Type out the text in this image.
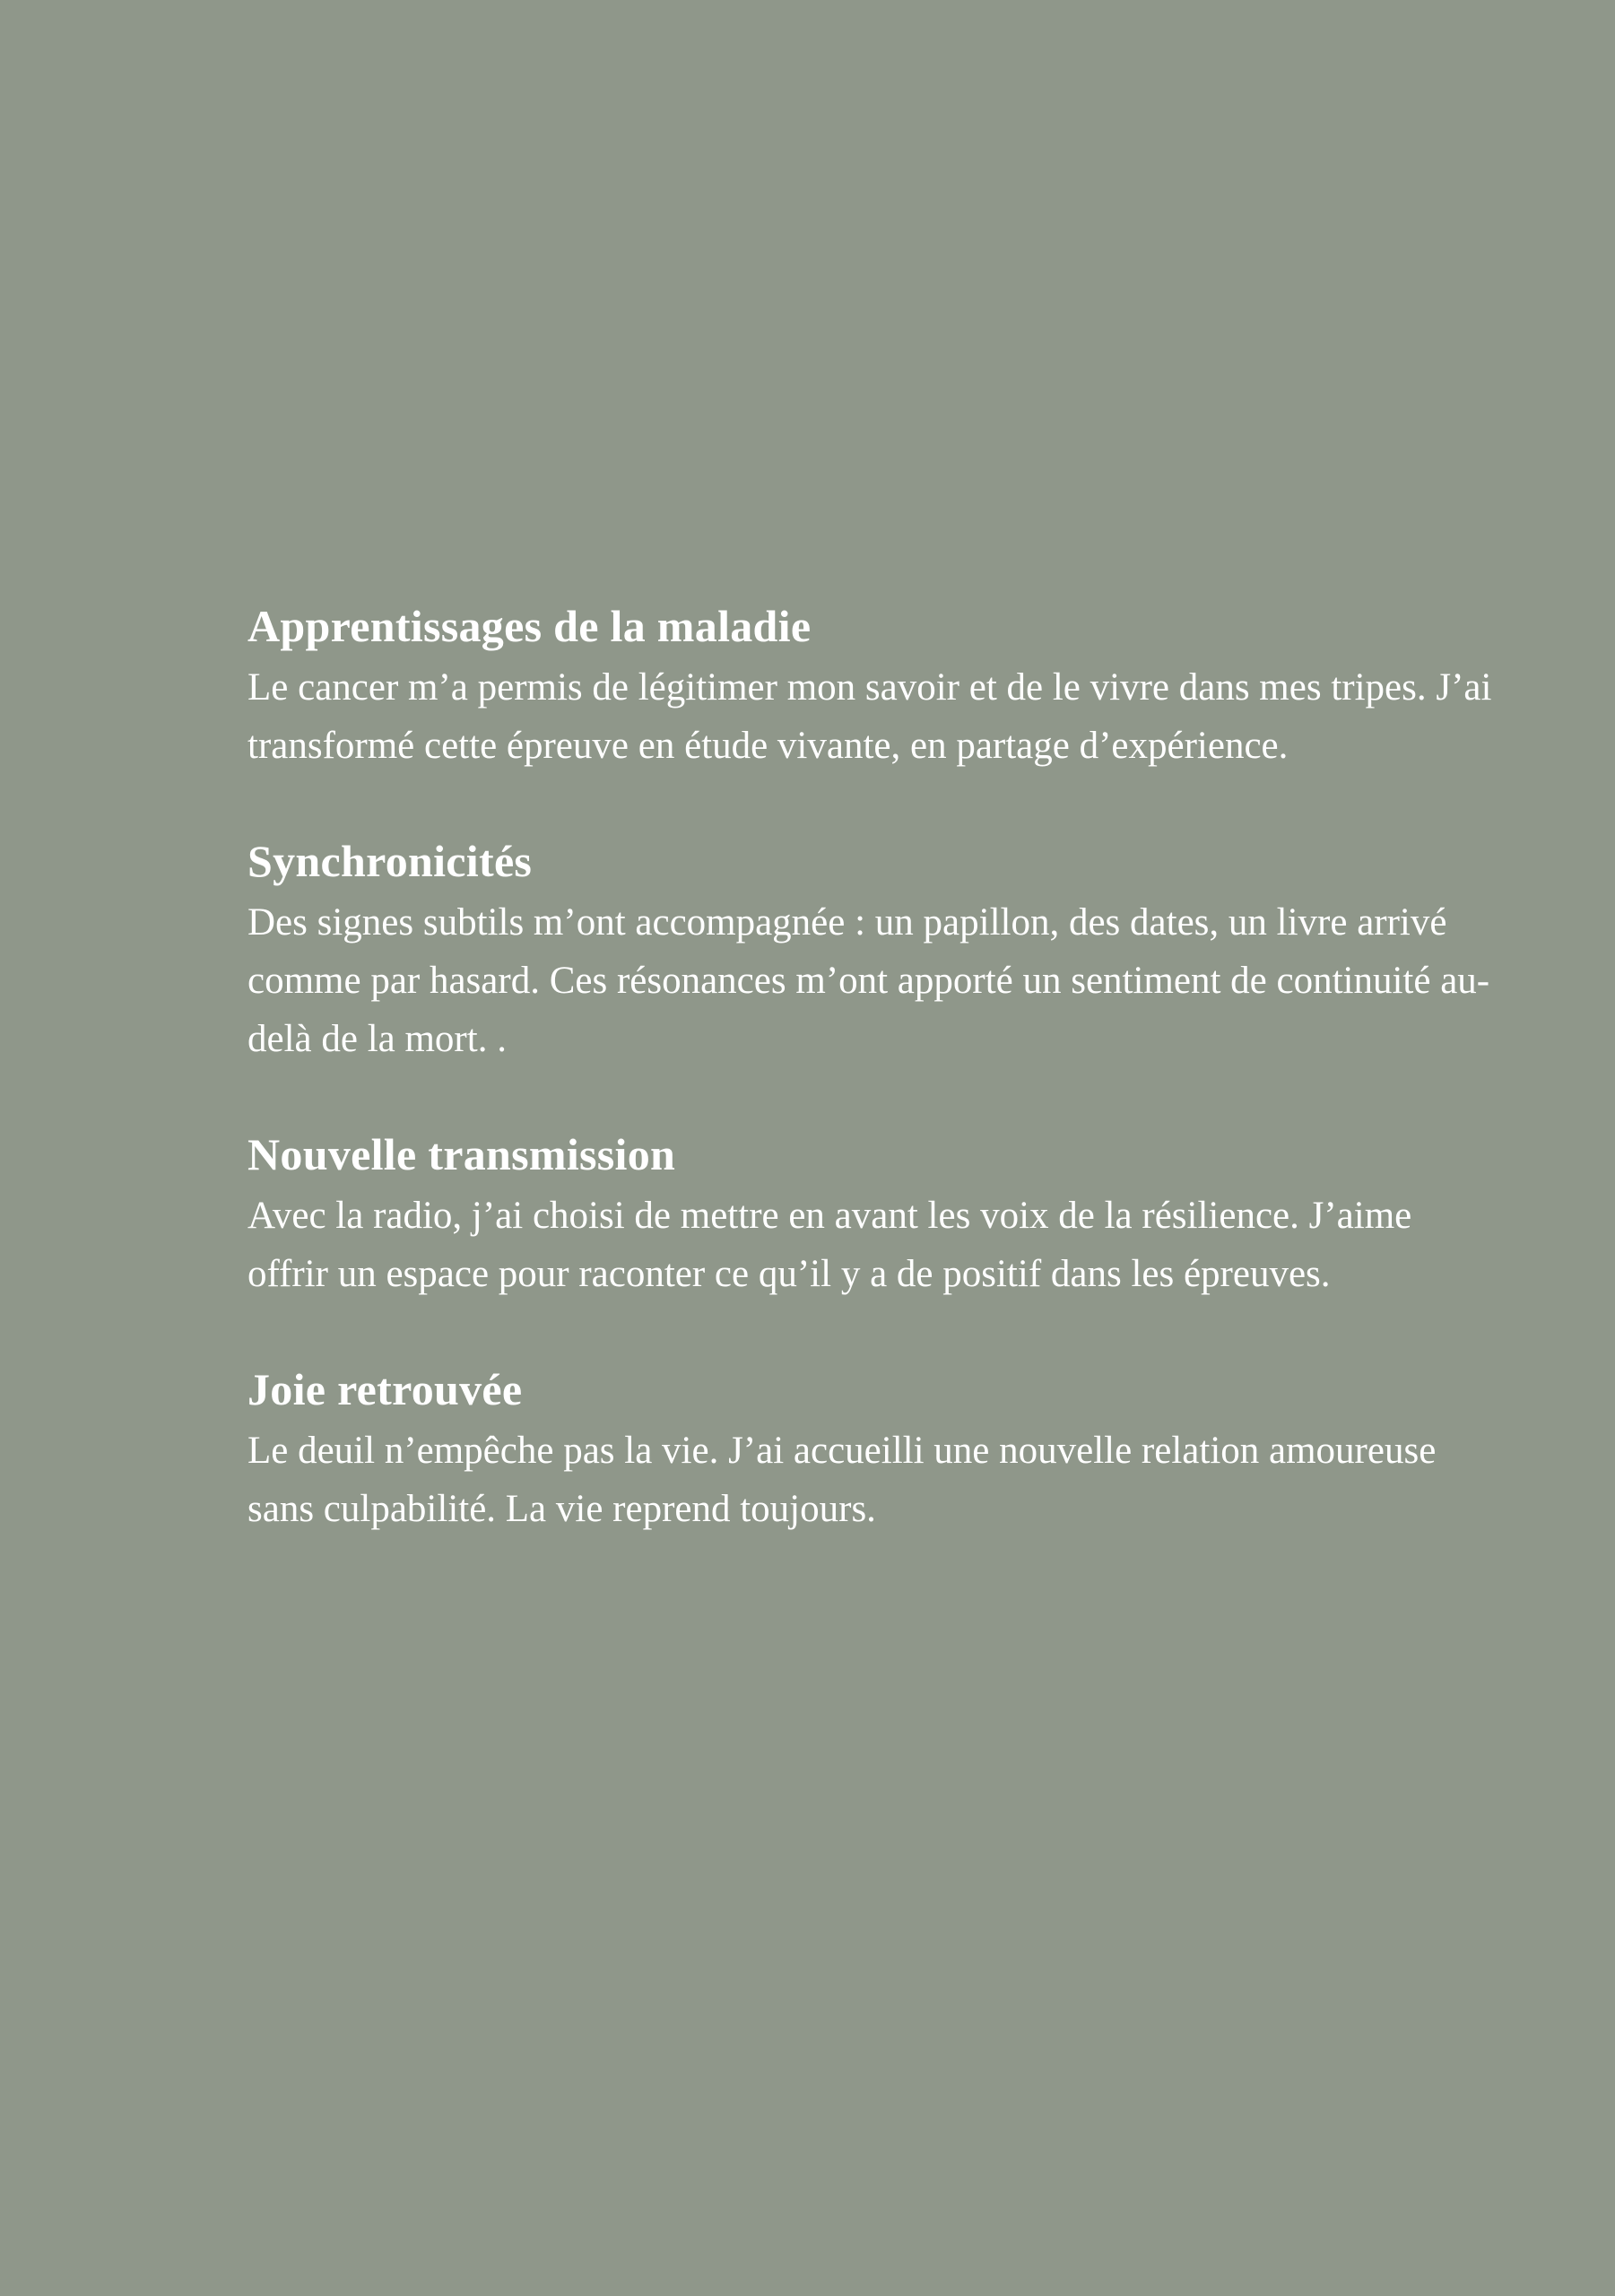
Apprentissages de la maladie

Le cancer m’a permis de légitimer mon savoir et de le vivre dans mes tripes. J’ai transformé cette épreuve en étude vivante, en partage d’expérience.

Synchronicités

Des signes subtils m’ont accompagnée : un papillon, des dates, un livre arrivé comme par hasard. Ces résonances m’ont apporté un sentiment de continuité au-delà de la mort. .

Nouvelle transmission

Avec la radio, j’ai choisi de mettre en avant les voix de la résilience. J’aime offrir un espace pour raconter ce qu’il y a de positif dans les épreuves.

Joie retrouvée

Le deuil n’empêche pas la vie. J’ai accueilli une nouvelle relation amoureuse sans culpabilité. La vie reprend toujours.
